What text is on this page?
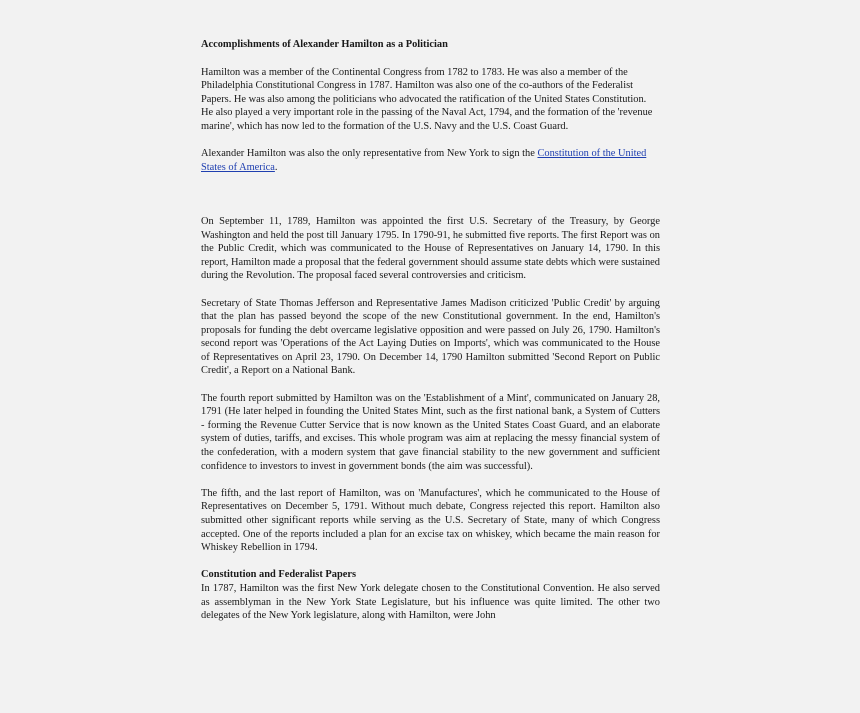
Accomplishments of Alexander Hamilton as a Politician

Hamilton was a member of the Continental Congress from 1782 to 1783. He was also a member of the Philadelphia Constitutional Congress in 1787. Hamilton was also one of the co-authors of the Federalist Papers. He was also among the politicians who advocated the ratification of the United States Constitution. He also played a very important role in the passing of the Naval Act, 1794, and the formation of the 'revenue marine', which has now led to the formation of the U.S. Navy and the U.S. Coast Guard.

Alexander Hamilton was also the only representative from New York to sign the Constitution of the United States of America.

On September 11, 1789, Hamilton was appointed the first U.S. Secretary of the Treasury, by George Washington and held the post till January 1795. In 1790-91, he submitted five reports. The first Report was on the Public Credit, which was communicated to the House of Representatives on January 14, 1790. In this report, Hamilton made a proposal that the federal government should assume state debts which were sustained during the Revolution. The proposal faced several controversies and criticism.

Secretary of State Thomas Jefferson and Representative James Madison criticized 'Public Credit' by arguing that the plan has passed beyond the scope of the new Constitutional government. In the end, Hamilton's proposals for funding the debt overcame legislative opposition and were passed on July 26, 1790. Hamilton's second report was 'Operations of the Act Laying Duties on Imports', which was communicated to the House of Representatives on April 23, 1790. On December 14, 1790 Hamilton submitted 'Second Report on Public Credit', a Report on a National Bank.

The fourth report submitted by Hamilton was on the 'Establishment of a Mint', communicated on January 28, 1791 (He later helped in founding the United States Mint, such as the first national bank, a System of Cutters - forming the Revenue Cutter Service that is now known as the United States Coast Guard, and an elaborate system of duties, tariffs, and excises. This whole program was aim at replacing the messy financial system of the confederation, with a modern system that gave financial stability to the new government and sufficient confidence to investors to invest in government bonds (the aim was successful).

The fifth, and the last report of Hamilton, was on 'Manufactures', which he communicated to the House of Representatives on December 5, 1791. Without much debate, Congress rejected this report. Hamilton also submitted other significant reports while serving as the U.S. Secretary of State, many of which Congress accepted. One of the reports included a plan for an excise tax on whiskey, which became the main reason for Whiskey Rebellion in 1794.

Constitution and Federalist Papers

In 1787, Hamilton was the first New York delegate chosen to the Constitutional Convention. He also served as assemblyman in the New York State Legislature, but his influence was quite limited. The other two delegates of the New York legislature, along with Hamilton, were John
